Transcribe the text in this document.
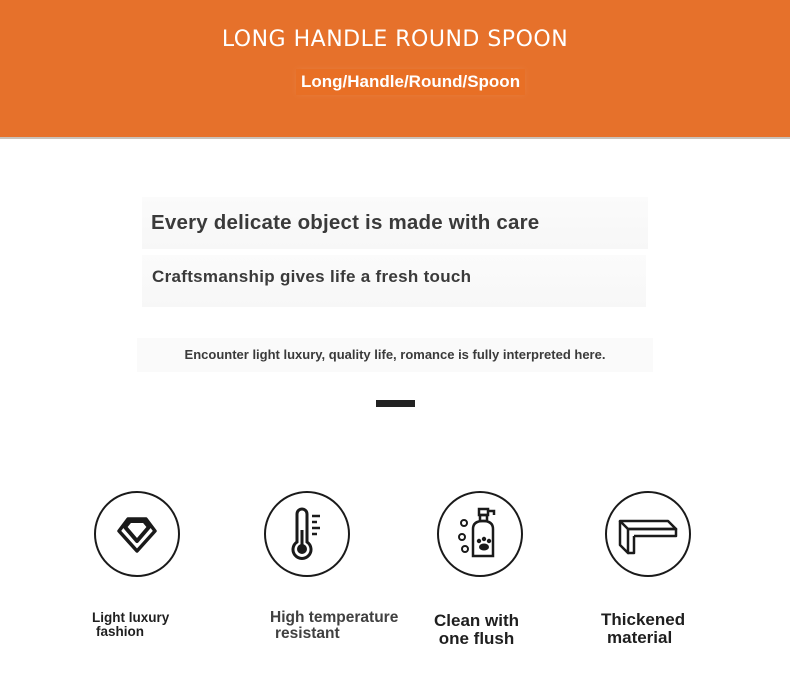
LONG HANDLE ROUND SPOON
Long/Handle/Round/Spoon
Every delicate object is made with care
Craftsmanship gives life a fresh touch
Encounter light luxury, quality life, romance is fully interpreted here.
Light luxury
fashion
High temperature
resistant
Clean with
one flush
Thickened
material
